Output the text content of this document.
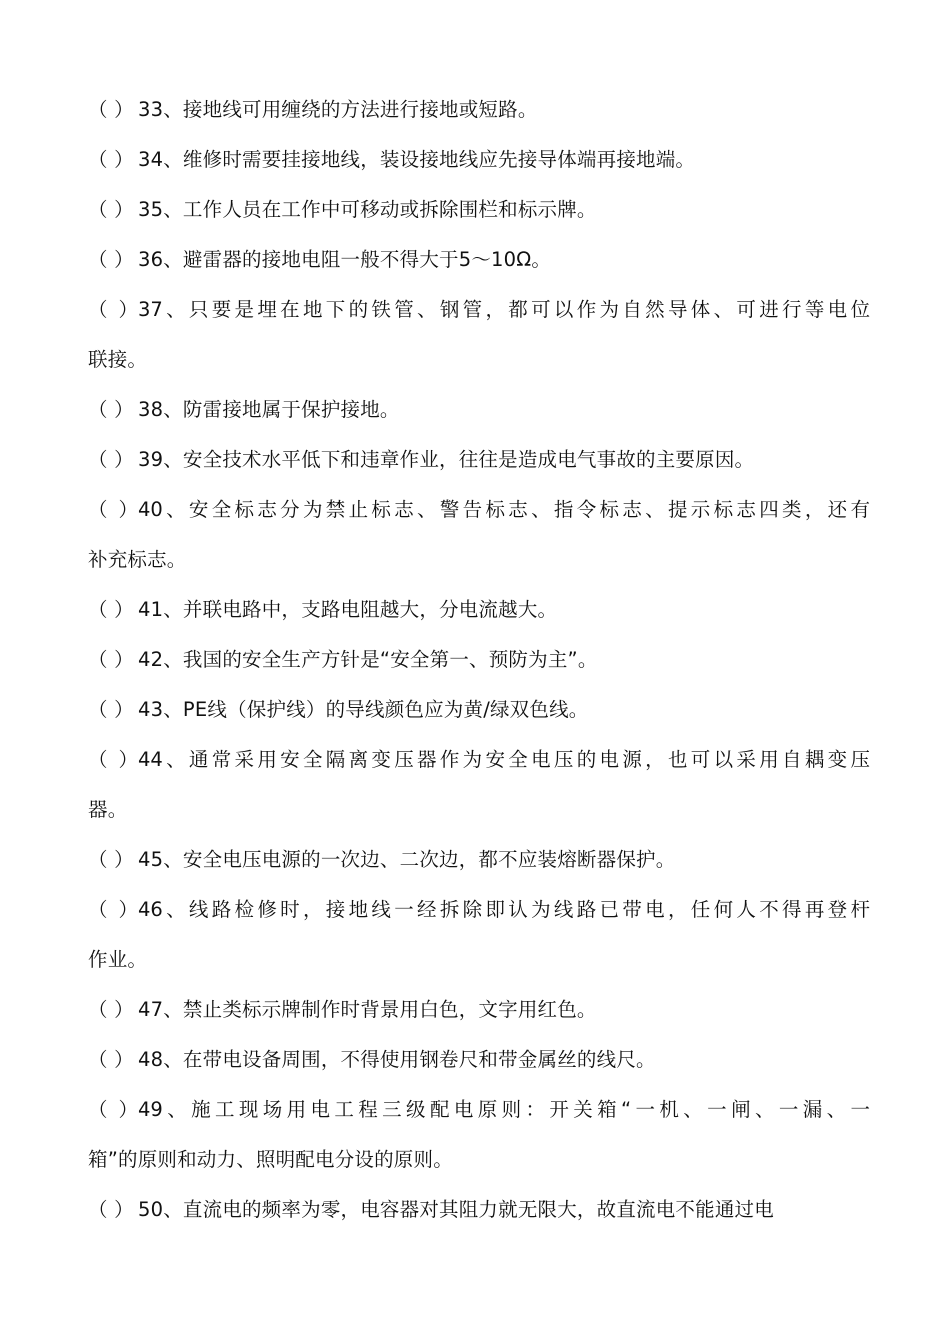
（ ） 33、接地线可用缠绕的方法进行接地或短路。
（ ） 34、维修时需要挂接地线，装设接地线应先接导体端再接地端。
（ ） 35、工作人员在工作中可移动或拆除围栏和标示牌。
（ ） 36、避雷器的接地电阻一般不得大于5～10Ω。
（ ）37、只要是埋在地下的铁管、钢管，都可以作为自然导体、可进行等电位
联接。
（ ） 38、防雷接地属于保护接地。
（ ） 39、安全技术水平低下和违章作业，往往是造成电气事故的主要原因。
（ ）40、安全标志分为禁止标志、警告标志、指令标志、提示标志四类，还有
补充标志。
（ ） 41、并联电路中，支路电阻越大，分电流越大。
（ ） 42、我国的安全生产方针是“安全第一、预防为主”。
（ ） 43、PE线（保护线）的导线颜色应为黄/绿双色线。
（ ）44、通常采用安全隔离变压器作为安全电压的电源，也可以采用自耦变压
器。
（ ） 45、安全电压电源的一次边、二次边，都不应装熔断器保护。
（ ）46、线路检修时，接地线一经拆除即认为线路已带电，任何人不得再登杆
作业。
（ ） 47、禁止类标示牌制作时背景用白色，文字用红色。
（ ） 48、在带电设备周围，不得使用钢卷尺和带金属丝的线尺。
（ ）49、施工现场用电工程三级配电原则：开关箱“一机、一闸、一漏、一
箱”的原则和动力、照明配电分设的原则。
（ ） 50、直流电的频率为零，电容器对其阻力就无限大，故直流电不能通过电
